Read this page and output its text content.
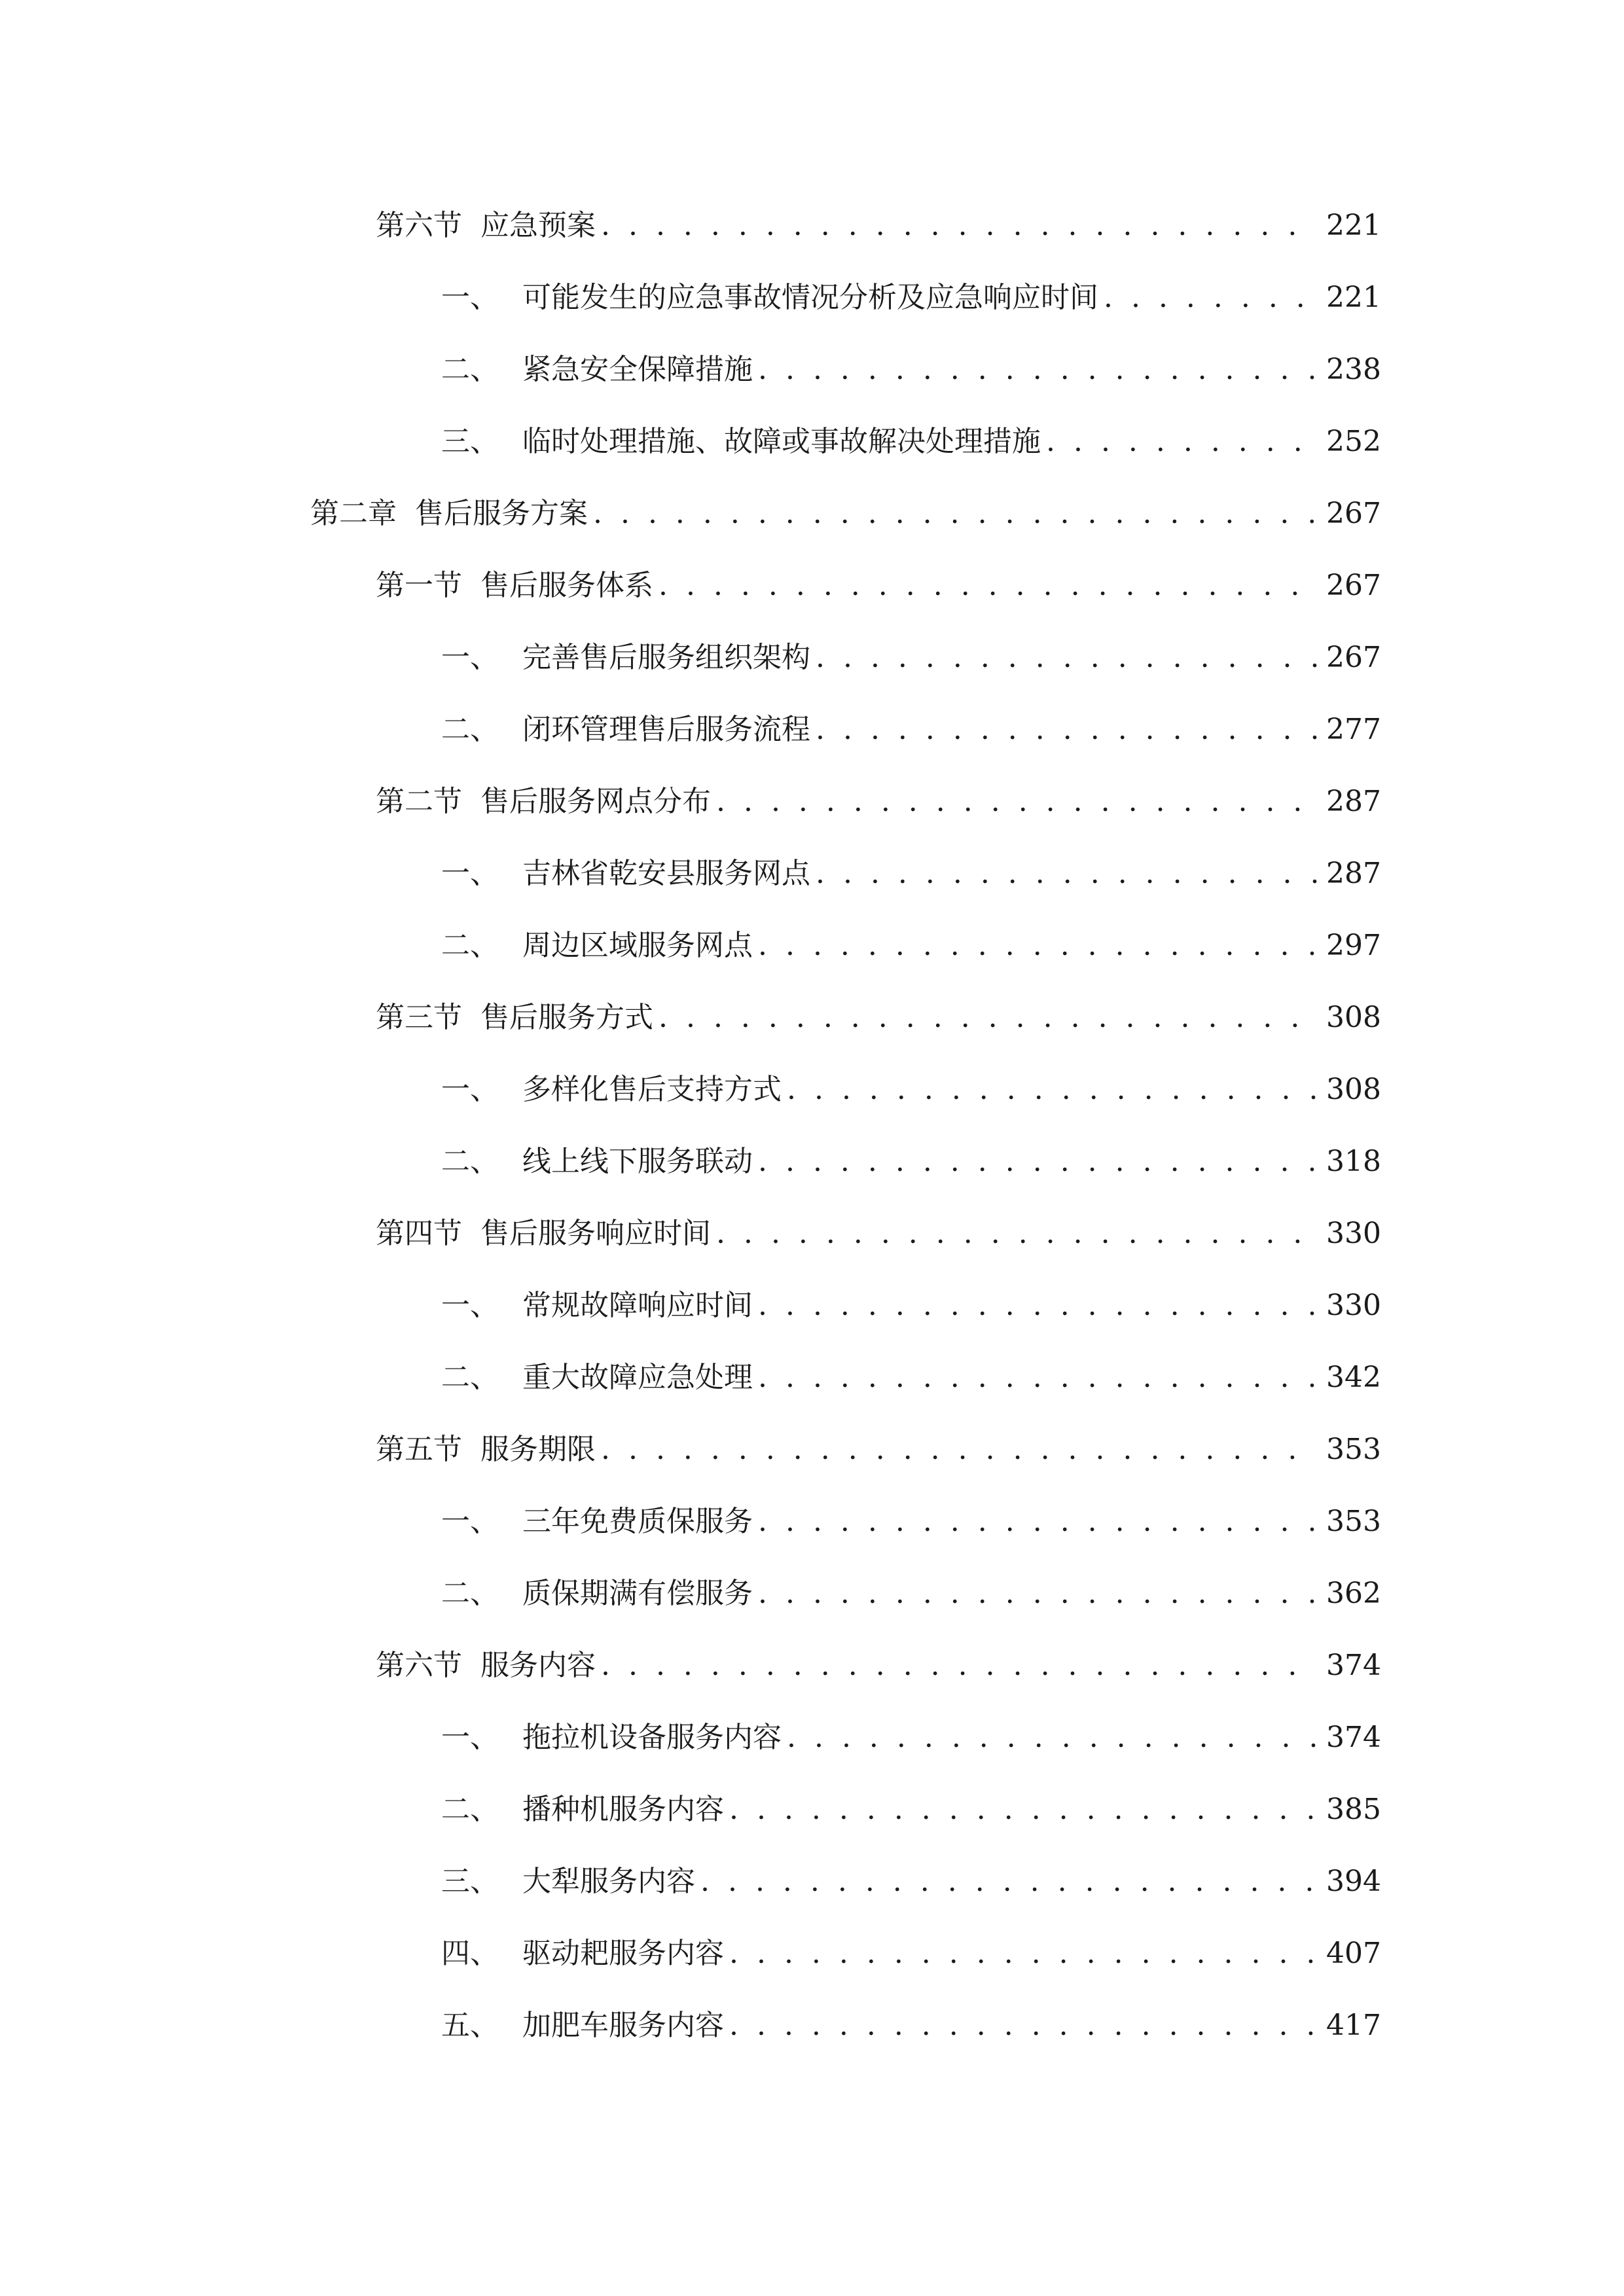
第六节 应急预案 . . .	221
一、 可能发生的应急事故情况分析及应急响应时间 . . .	221
二、 紧急安全保障措施 . . .	238
三、 临时处理措施、故障或事故解决处理措施 . . .	252
第二章 售后服务方案 . . .	267
第一节 售后服务体系 . . .	267
一、 完善售后服务组织架构 . . .	267
二、 闭环管理售后服务流程 . . .	277
第二节 售后服务网点分布 . . .	287
一、 吉林省乾安县服务网点 . . .	287
二、 周边区域服务网点 . . .	297
第三节 售后服务方式 . . .	308
一、 多样化售后支持方式 . . .	308
二、 线上线下服务联动 . . .	318
第四节 售后服务响应时间 . . .	330
一、 常规故障响应时间 . . .	330
二、 重大故障应急处理 . . .	342
第五节 服务期限 . . .	353
一、 三年免费质保服务 . . .	353
二、 质保期满有偿服务 . . .	362
第六节 服务内容 . . .	374
一、 拖拉机设备服务内容 . . .	374
二、 播种机服务内容 . . .	385
三、 大犁服务内容 . . .	394
四、 驱动耙服务内容 . . .	407
五、 加肥车服务内容 . . .	417
